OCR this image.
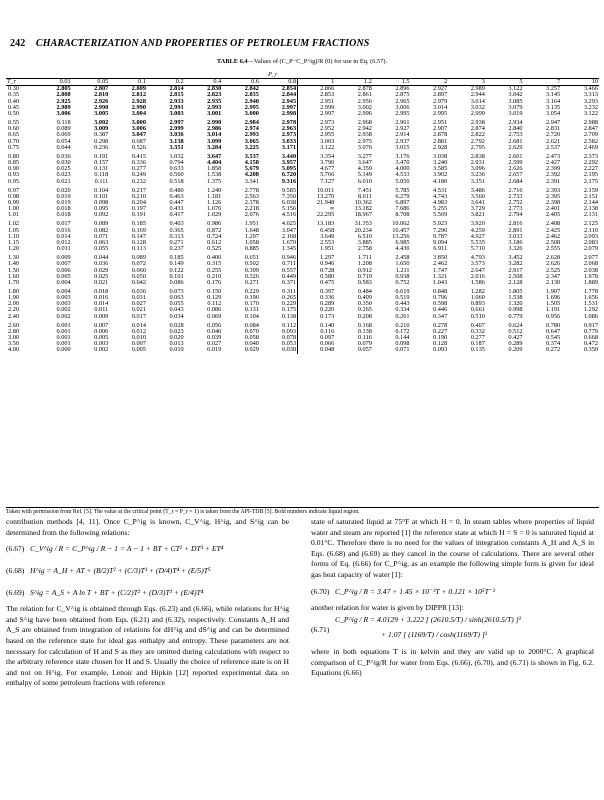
242 CHARACTERIZATION AND PROPERTIES OF PETROLEUM FRACTIONS
TABLE 6.4—Values of (C_P−C_P^ig)/R (0) for use in Eq. (6.57).
P_r															
T_r	0.01	0.05	0.1	0.2	0.4	0.6	0.8	1	1.2	1.5	2	3	5	7	10
0.30	2.805	2.807	2.809	2.814	2.830	2.842	2.854	2.866	2.878	2.896	2.927	2.989	3.122	3.257	3.466
0.35	2.808	2.810	2.812	2.815	2.823	2.835	2.844	2.853	2.861	2.875	2.897	2.944	3.042	3.145	3.313
0.40	2.925	2.926	2.928	2.933	2.935	2.940	2.945	2.951	2.956	2.965	2.979	3.014	3.085	3.164	3.293
0.45	2.989	2.990	2.990	2.991	2.993	2.995	2.997	2.999	3.002	3.006	3.014	3.032	3.079	3.135	3.232
0.50	3.006	3.005	3.004	3.003	3.001	3.000	2.998	2.997	2.996	2.995	2.995	2.999	3.019	3.054	3.122
0.55	0.118	3.002	3.000	2.997	2.990	2.984	2.978	2.973	2.968	2.961	2.951	2.938	2.934	2.947	2.988
0.60	0.089	3.009	3.006	2.999	2.986	2.974	2.963	2.952	2.942	2.927	2.907	2.874	2.840	2.831	2.847
0.65	0.069	0.387	3.047	3.036	3.014	2.993	2.973	2.955	2.938	2.914	2.878	2.822	2.753	2.720	2.709
0.70	0.054	0.298	0.687	3.138	3.099	3.065	3.033	3.003	2.975	2.937	2.881	2.792	2.681	2.621	2.582
0.75	0.044	0.236	0.526	3.351	3.284	3.225	3.171	3.122	3.076	3.015	2.928	2.795	2.629	2.537	2.469
0.80	0.036	0.191	0.415	1.032	3.647	3.537	3.440	3.354	3.277	3.176	3.038	2.838	2.601	2.473	2.373
0.85	0.030	0.157	0.336	0.794	4.404	4.158	3.957	3.790	3.647	3.470	3.240	2.931	2.599	2.427	2.292
0.90	0.025	0.131	0.277	0.633	1.858	5.679	5.095	4.677	4.359	4.000	3.585	3.096	2.626	2.399	2.227
0.93	0.023	0.118	0.249	0.560	1.538	4.208	6.720	5.766	5.149	4.533	3.902	3.236	2.657	2.392	2.195
0.95	0.021	0.111	0.232	0.518	1.375	3.341	9.316	7.127	6.010	5.050	4.180	3.351	2.684	2.391	2.175
0.97	0.020	0.104	0.217	0.480	1.240	2.778	9.585	10.011	7.451	5.785	4.531	3.486	2.716	2.393	2.159
0.98	0.019	0.101	0.210	0.463	1.181	2.563	7.350	13.270	8.611	6.279	4.743	3.560	2.733	2.395	2.151
0.99	0.019	0.098	0.204	0.447	1.126	2.378	6.038	21.948	10.362	6.897	4.983	3.641	2.752	2.398	2.144
1.00	0.018	0.095	0.197	0.431	1.076	2.218	5.156	∞	13.182	7.686	5.255	3.729	2.773	2.401	2.138
1.01	0.018	0.092	0.191	0.417	1.029	2.076	4.516	22.295	18.967	8.708	5.569	3.821	2.794	2.405	2.131
1.02	0.017	0.089	0.185	0.403	0.986	1.951	4.025	13.183	31.353	10.062	5.923	3.920	2.816	2.408	2.125
1.05	0.016	0.082	0.169	0.365	0.872	1.648	3.047	6.458	20.234	16.457	7.296	4.259	2.891	2.425	2.110
1.10	0.014	0.071	0.147	0.313	0.724	1.297	2.168	3.649	6.510	13.256	9.787	4.927	3.033	2.462	2.093
1.15	0.012	0.063	0.128	0.271	0.612	1.058	1.670	2.553	3.885	6.985	9.094	5.535	3.186	2.508	2.083
1.20	0.011	0.055	0.113	0.237	0.525	0.885	1.345	1.951	2.758	4.430	6.911	5.710	3.326	2.555	2.079
1.30	0.009	0.044	0.089	0.185	0.400	0.651	0.946	1.297	1.711	2.458	3.850	4.793	3.452	2.628	2.077
1.40	0.007	0.036	0.072	0.149	0.315	0.502	0.711	0.946	1.208	1.650	2.462	3.573	3.282	2.626	2.068
1.50	0.006	0.029	0.060	0.122	0.255	0.399	0.557	0.728	0.912	1.211	1.747	2.647	2.917	2.525	2.038
1.60	0.005	0.025	0.050	0.101	0.210	0.326	0.449	0.580	0.719	0.938	1.321	2.016	2.508	2.347	1.978
1.70	0.004	0.021	0.042	0.086	0.176	0.271	0.371	0.475	0.583	0.752	1.043	1.586	2.128	2.130	1.889
1.80	0.004	0.018	0.036	0.073	0.150	0.229	0.311	0.397	0.484	0.619	0.848	1.282	1.805	1.907	1.778
1.90	0.003	0.016	0.031	0.063	0.129	0.196	0.265	0.336	0.409	0.519	0.706	1.060	1.538	1.696	1.656
2.00	0.003	0.014	0.027	0.055	0.112	0.170	0.229	0.289	0.350	0.443	0.598	0.893	1.320	1.505	1.531
2.20	0.002	0.011	0.021	0.043	0.086	0.131	0.175	0.220	0.265	0.334	0.446	0.661	0.998	1.191	1.292
2.40	0.002	0.009	0.017	0.034	0.069	0.104	0.138	0.173	0.208	0.261	0.347	0.510	0.779	0.956	1.086
2.60	0.001	0.007	0.014	0.028	0.056	0.084	0.112	0.140	0.168	0.210	0.278	0.407	0.624	0.780	0.917
2.80	0.001	0.006	0.012	0.023	0.046	0.070	0.093	0.116	0.138	0.172	0.227	0.332	0.512	0.647	0.779
3.00	0.001	0.005	0.010	0.020	0.039	0.058	0.078	0.097	0.116	0.144	0.190	0.277	0.427	0.545	0.668
3.50	0.001	0.003	0.007	0.013	0.027	0.040	0.053	0.066	0.079	0.098	0.128	0.187	0.289	0.374	0.472
4.00	0.000	0.002	0.005	0.010	0.019	0.029	0.038	0.048	0.057	0.071	0.093	0.135	0.209	0.272	0.350
Taken with permission from Ref. [5]. The value at the critical point (T_r = P_r = 1) is taken from the API-TDB [5]. Bold numbers indicate liquid region.

contribution methods [4, 11]. Once C_P^ig is known, C_V^ig, H^ig, and S^ig can be determined from the following relations:

(6.67) C_V^ig / R = C_P^ig / R − 1 = A − 1 + BT + CT² + DT³ + ET⁴
(6.68) H^ig = A_H + AT + (B/2)T² + (C/3)T³ + (D/4)T⁴ + (E/5)T⁵
(6.69) S^ig = A_S + A ln T + BT + (C/2)T² + (D/3)T³ + (E/4)T⁴

The relation for C_V^ig is obtained through Eqs. (6.23) and (6.66), while relations for H^ig and S^ig have been obtained from Eqs. (6.21) and (6.32), respectively. Constants A_H and A_S are obtained from integration of relations for dH^ig and dS^ig and can be determined based on the reference state for ideal gas enthalpy and entropy. These parameters are not necessary for calculation of H and S as they are omitted during calculations with respect to the arbitrary reference state chosen for H and S. Usually the choice of reference state is on H and not on H^ig. For example, Lenoir and Hipkin [12] reported experimental data on enthalpy of some petroleum fractions with reference

state of saturated liquid at 75°F at which H = 0. In steam tables where properties of liquid water and steam are reported [1] the reference state at which H = S = 0 is saturated liquid at 0.01°C. Therefore there is no need for the values of integration constants A_H and A_S in Eqs. (6.68) and (6.69) as they cancel in the course of calculations. There are several other forms of Eq. (6.66) for C_P^ig, as an example the following simple form is given for ideal gas heat capacity of water [1]:

(6.70) C_P^ig / R = 3.47 + 1.45 × 10⁻³T + 0.121 × 10⁵T⁻²

another relation for water is given by DIPPR [13]:

(6.71)
C_P^ig / R = 4.0129 + 3.222 [ (2610.5/T) / sinh(2610.5/T) ]²
+ 1.07 [ (1169/T) / cosh(1169/T) ]²

where in both equations T is in kelvin and they are valid up to 2000°C. A graphical comparison of C_P^ig/R for water from Eqs. (6.66), (6.70), and (6.71) is shown in Fig. 6.2. Equations (6.66)
